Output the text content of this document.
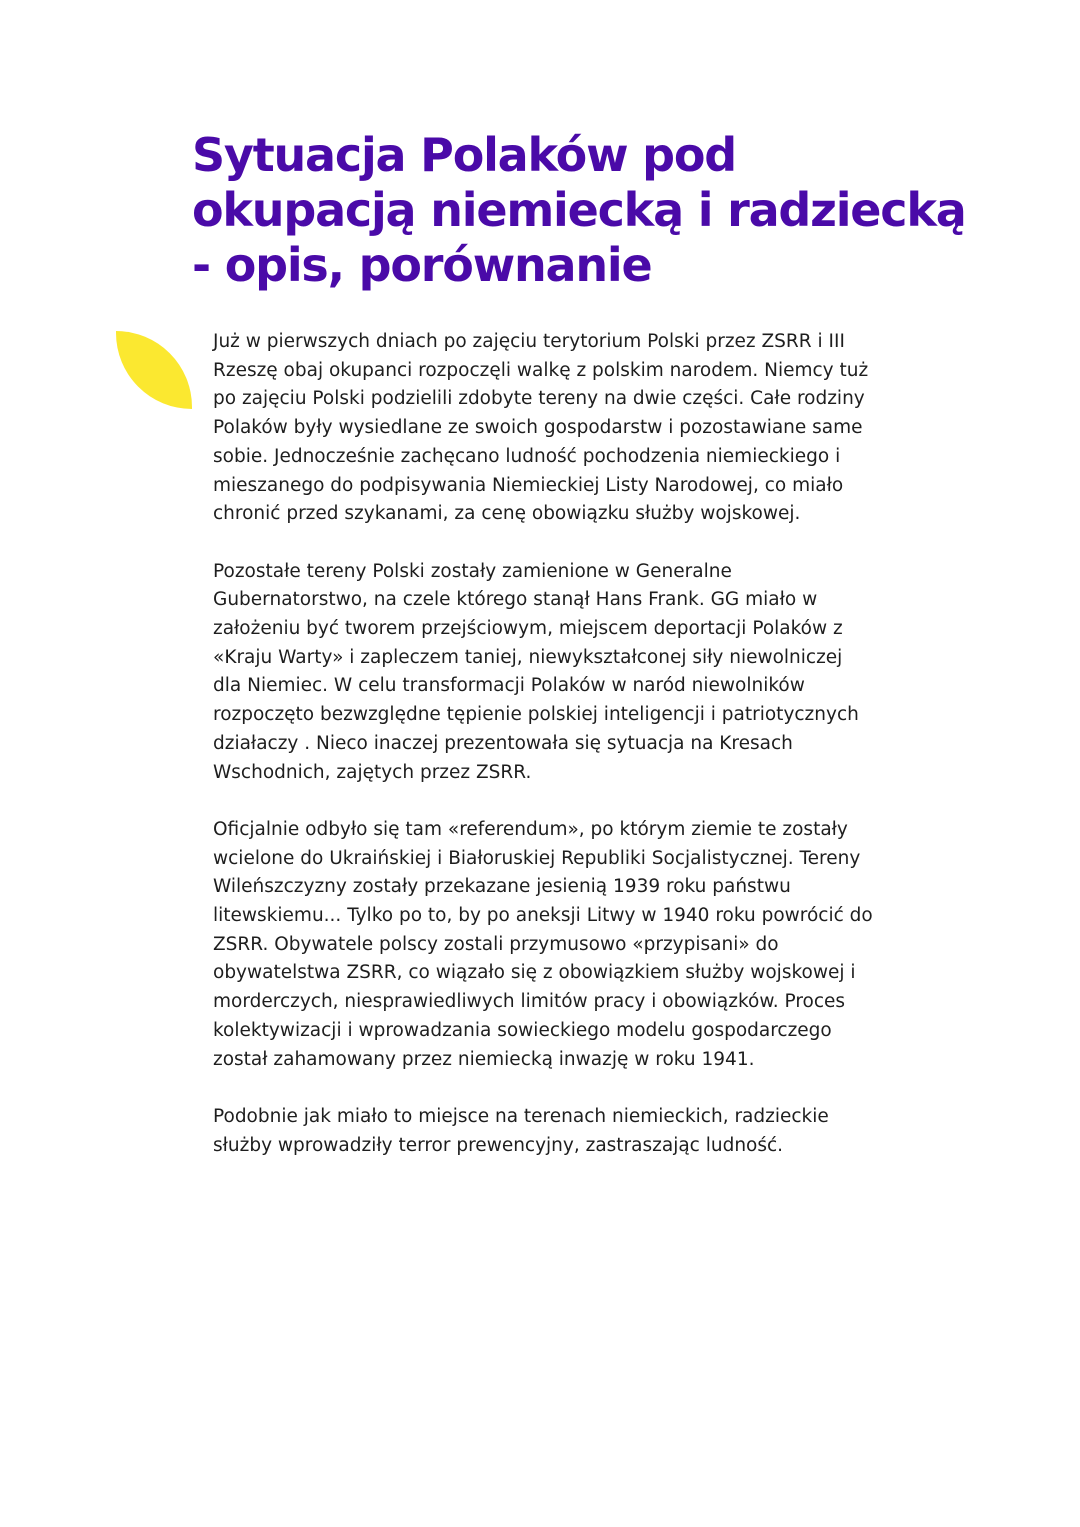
Sytuacja Polaków pod
okupacją niemiecką i radziecką
- opis, porównanie

Już w pierwszych dniach po zajęciu terytorium Polski przez ZSRR i III
Rzeszę obaj okupanci rozpoczęli walkę z polskim narodem. Niemcy tuż
po zajęciu Polski podzielili zdobyte tereny na dwie części. Całe rodziny
Polaków były wysiedlane ze swoich gospodarstw i pozostawiane same
sobie. Jednocześnie zachęcano ludność pochodzenia niemieckiego i
mieszanego do podpisywania Niemieckiej Listy Narodowej, co miało
chronić przed szykanami, za cenę obowiązku służby wojskowej.

Pozostałe tereny Polski zostały zamienione w Generalne
Gubernatorstwo, na czele którego stanął Hans Frank. GG miało w
założeniu być tworem przejściowym, miejscem deportacji Polaków z
«Kraju Warty» i zapleczem taniej, niewykształconej siły niewolniczej
dla Niemiec. W celu transformacji Polaków w naród niewolników
rozpoczęto bezwzględne tępienie polskiej inteligencji i patriotycznych
działaczy . Nieco inaczej prezentowała się sytuacja na Kresach
Wschodnich, zajętych przez ZSRR.

Oficjalnie odbyło się tam «referendum», po którym ziemie te zostały
wcielone do Ukraińskiej i Białoruskiej Republiki Socjalistycznej. Tereny
Wileńszczyzny zostały przekazane jesienią 1939 roku państwu
litewskiemu... Tylko po to, by po aneksji Litwy w 1940 roku powrócić do
ZSRR. Obywatele polscy zostali przymusowo «przypisani» do
obywatelstwa ZSRR, co wiązało się z obowiązkiem służby wojskowej i
morderczych, niesprawiedliwych limitów pracy i obowiązków. Proces
kolektywizacji i wprowadzania sowieckiego modelu gospodarczego
został zahamowany przez niemiecką inwazję w roku 1941.

Podobnie jak miało to miejsce na terenach niemieckich, radzieckie
służby wprowadziły terror prewencyjny, zastraszając ludność.
